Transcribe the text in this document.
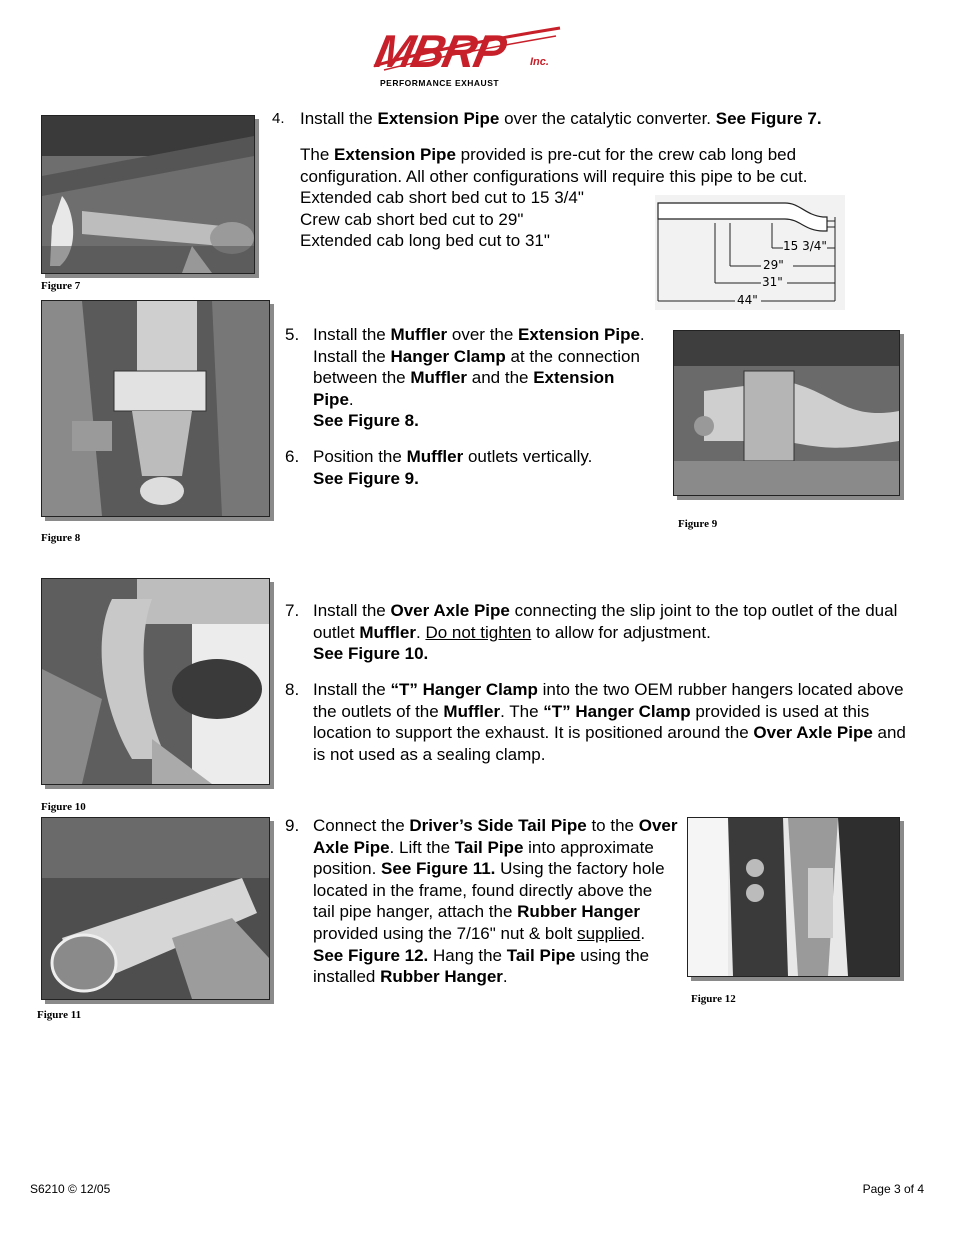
MBRP Inc.
PERFORMANCE EXHAUST
Figure 7
4. Install the Extension Pipe over the catalytic converter. See Figure 7.

The Extension Pipe provided is pre-cut for the crew cab long bed configuration. All other configurations will require this pipe to be cut.

Extended cab short bed cut to 15 3/4"

Crew cab short bed cut to 29"

Extended cab long bed cut to 31"	15 3/4"
29"
31"
44"
Figure 8
5. Install the Muffler over the Extension Pipe. Install the Hanger Clamp at the connection between the Muffler and the Extension Pipe.

See Figure 8.

6. Position the Muffler outlets vertically.

See Figure 9.

Figure 9
Figure 10
7. Install the Over Axle Pipe connecting the slip joint to the top outlet of the dual outlet Muffler. Do not tighten to allow for adjustment.

See Figure 10.

8. Install the “T” Hanger Clamp into the two OEM rubber hangers located above the outlets of the Muffler. The “T” Hanger Clamp provided is used at this location to support the exhaust. It is positioned around the Over Axle Pipe and is not used as a sealing clamp.

Figure 11
9. Connect the Driver’s Side Tail Pipe to the Over Axle Pipe. Lift the Tail Pipe into approximate position. See Figure 11. Using the factory hole located in the frame, found directly above the tail pipe hanger, attach the Rubber Hanger provided using the 7/16" nut & bolt supplied. See Figure 12. Hang the Tail Pipe using the installed Rubber Hanger.

Figure 12
S6210 © 12/05	Page 3 of 4
